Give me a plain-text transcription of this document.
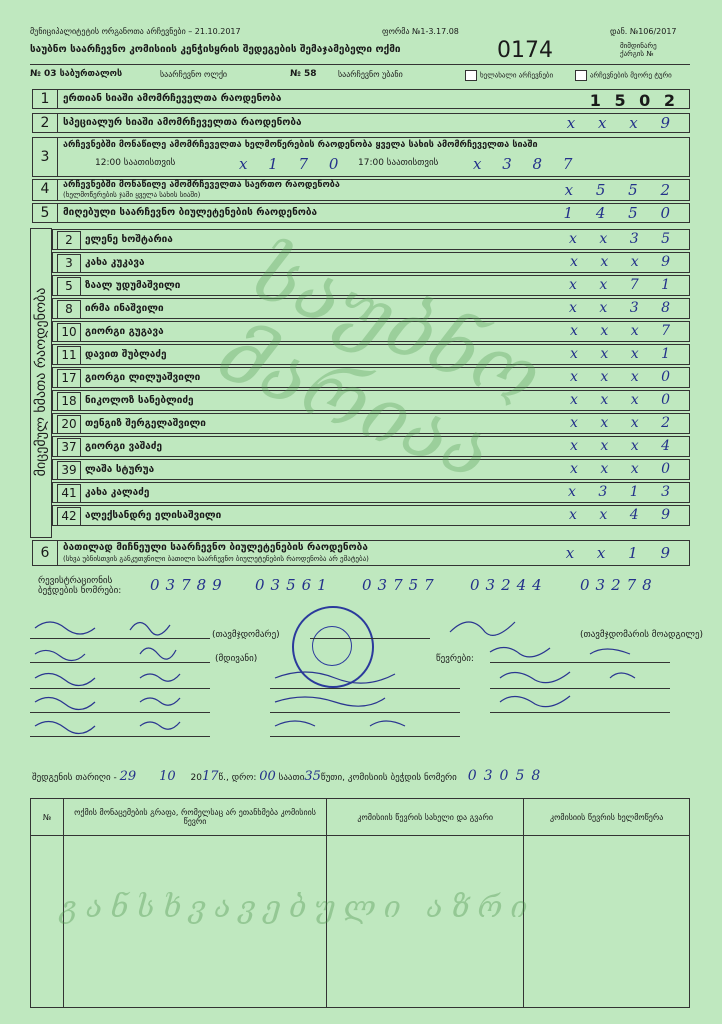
მუნიციპალიტეტის ორგანოთა არჩევნები – 21.10.2017	ფორმა №1-3.17.08	დან. №106/2017
საუბნო საარჩევნო კომისიის კენჭისყრის შედეგების შემაჯამებელი ოქმი	0174	მიმდინარე ქარგის №
№ 03 საბურთალოს	საარჩევნო ოლქი	№ 58	საარჩევნო უბანი	ხელახალი არჩევნები	არჩევნების მეორე ტური
1	ერთიან სიაში ამომრჩეველთა რაოდენობა	1 5 0 2
2	სპეციალურ სიაში ამომრჩეველთა რაოდენობა	x x x 9
3
არჩევნებში მონაწილე ამომრჩეველთა ხელმოწერების რაოდენობა ყველა სახის ამომრჩეველთა სიაში
12:00 საათისთვის	x 1 7 0 17:00 საათისთვის x 3 8 7
4	არჩევნებში მონაწილე ამომრჩეველთა საერთო რაოდენობა
(ხელმოწერების ჯამი ყველა სახის სიაში)	x 5 5 2
5	მიღებული საარჩევნო ბიულეტენების რაოდენობა	1 4 5 0
მიცემულ ხმათა რაოდენობა
2	ელენე ხოშტარია	x x 3 5
3	კახა კუკავა	x x x 9
5	ზაალ უდუმაშვილი	x x 7 1
8	ირმა ინაშვილი	x x 3 8
10 გიორგი გუგავა	x x x 7
11 დავით შუბლაძე	x x x 1
17 გიორგი ლილუაშვილი	x x x 0
18 ნიკოლოზ სანებლიძე	x x x 0
20 თენგიზ შერგელაშვილი	x x x 2
37 გიორგი ვაშაძე	x x x 4
39 ლაშა სტურუა	x x x 0
41 კახა კალაძე	x 3 1 3
42 ალექსანდრე ელისაშვილი	x x 4 9
საუბნო მარიაა
6	ბათილად მიჩნეული საარჩევნო ბიულეტენების რაოდენობა
(სხვა უბნისთვის განკუთვნილი ბათილი საარჩევნო ბიულეტენების რაოდენობა არ ემატება)	x x 1 9
რევისტრაციონის ბეჭდების ნომრები:	03789 03561 03757 03244 03278
(თავმჯდომარე)	(თავმჯდომარის მოადგილე)
(მდივანი)	წევრები:
შედგენის თარიღი - 29 10 2017წ., დრო: 00 საათი35წუთი, კომისიის ბეჭდის ნომერი 03058
№	ოქმის მონაცემების გრაფა, რომელსაც არ ეთანხმება კომისიის წევრი	კომისიის წევრის სახელი და გვარი	კომისიის წევრის ხელმოწერა

განსხვავებული აზრი
